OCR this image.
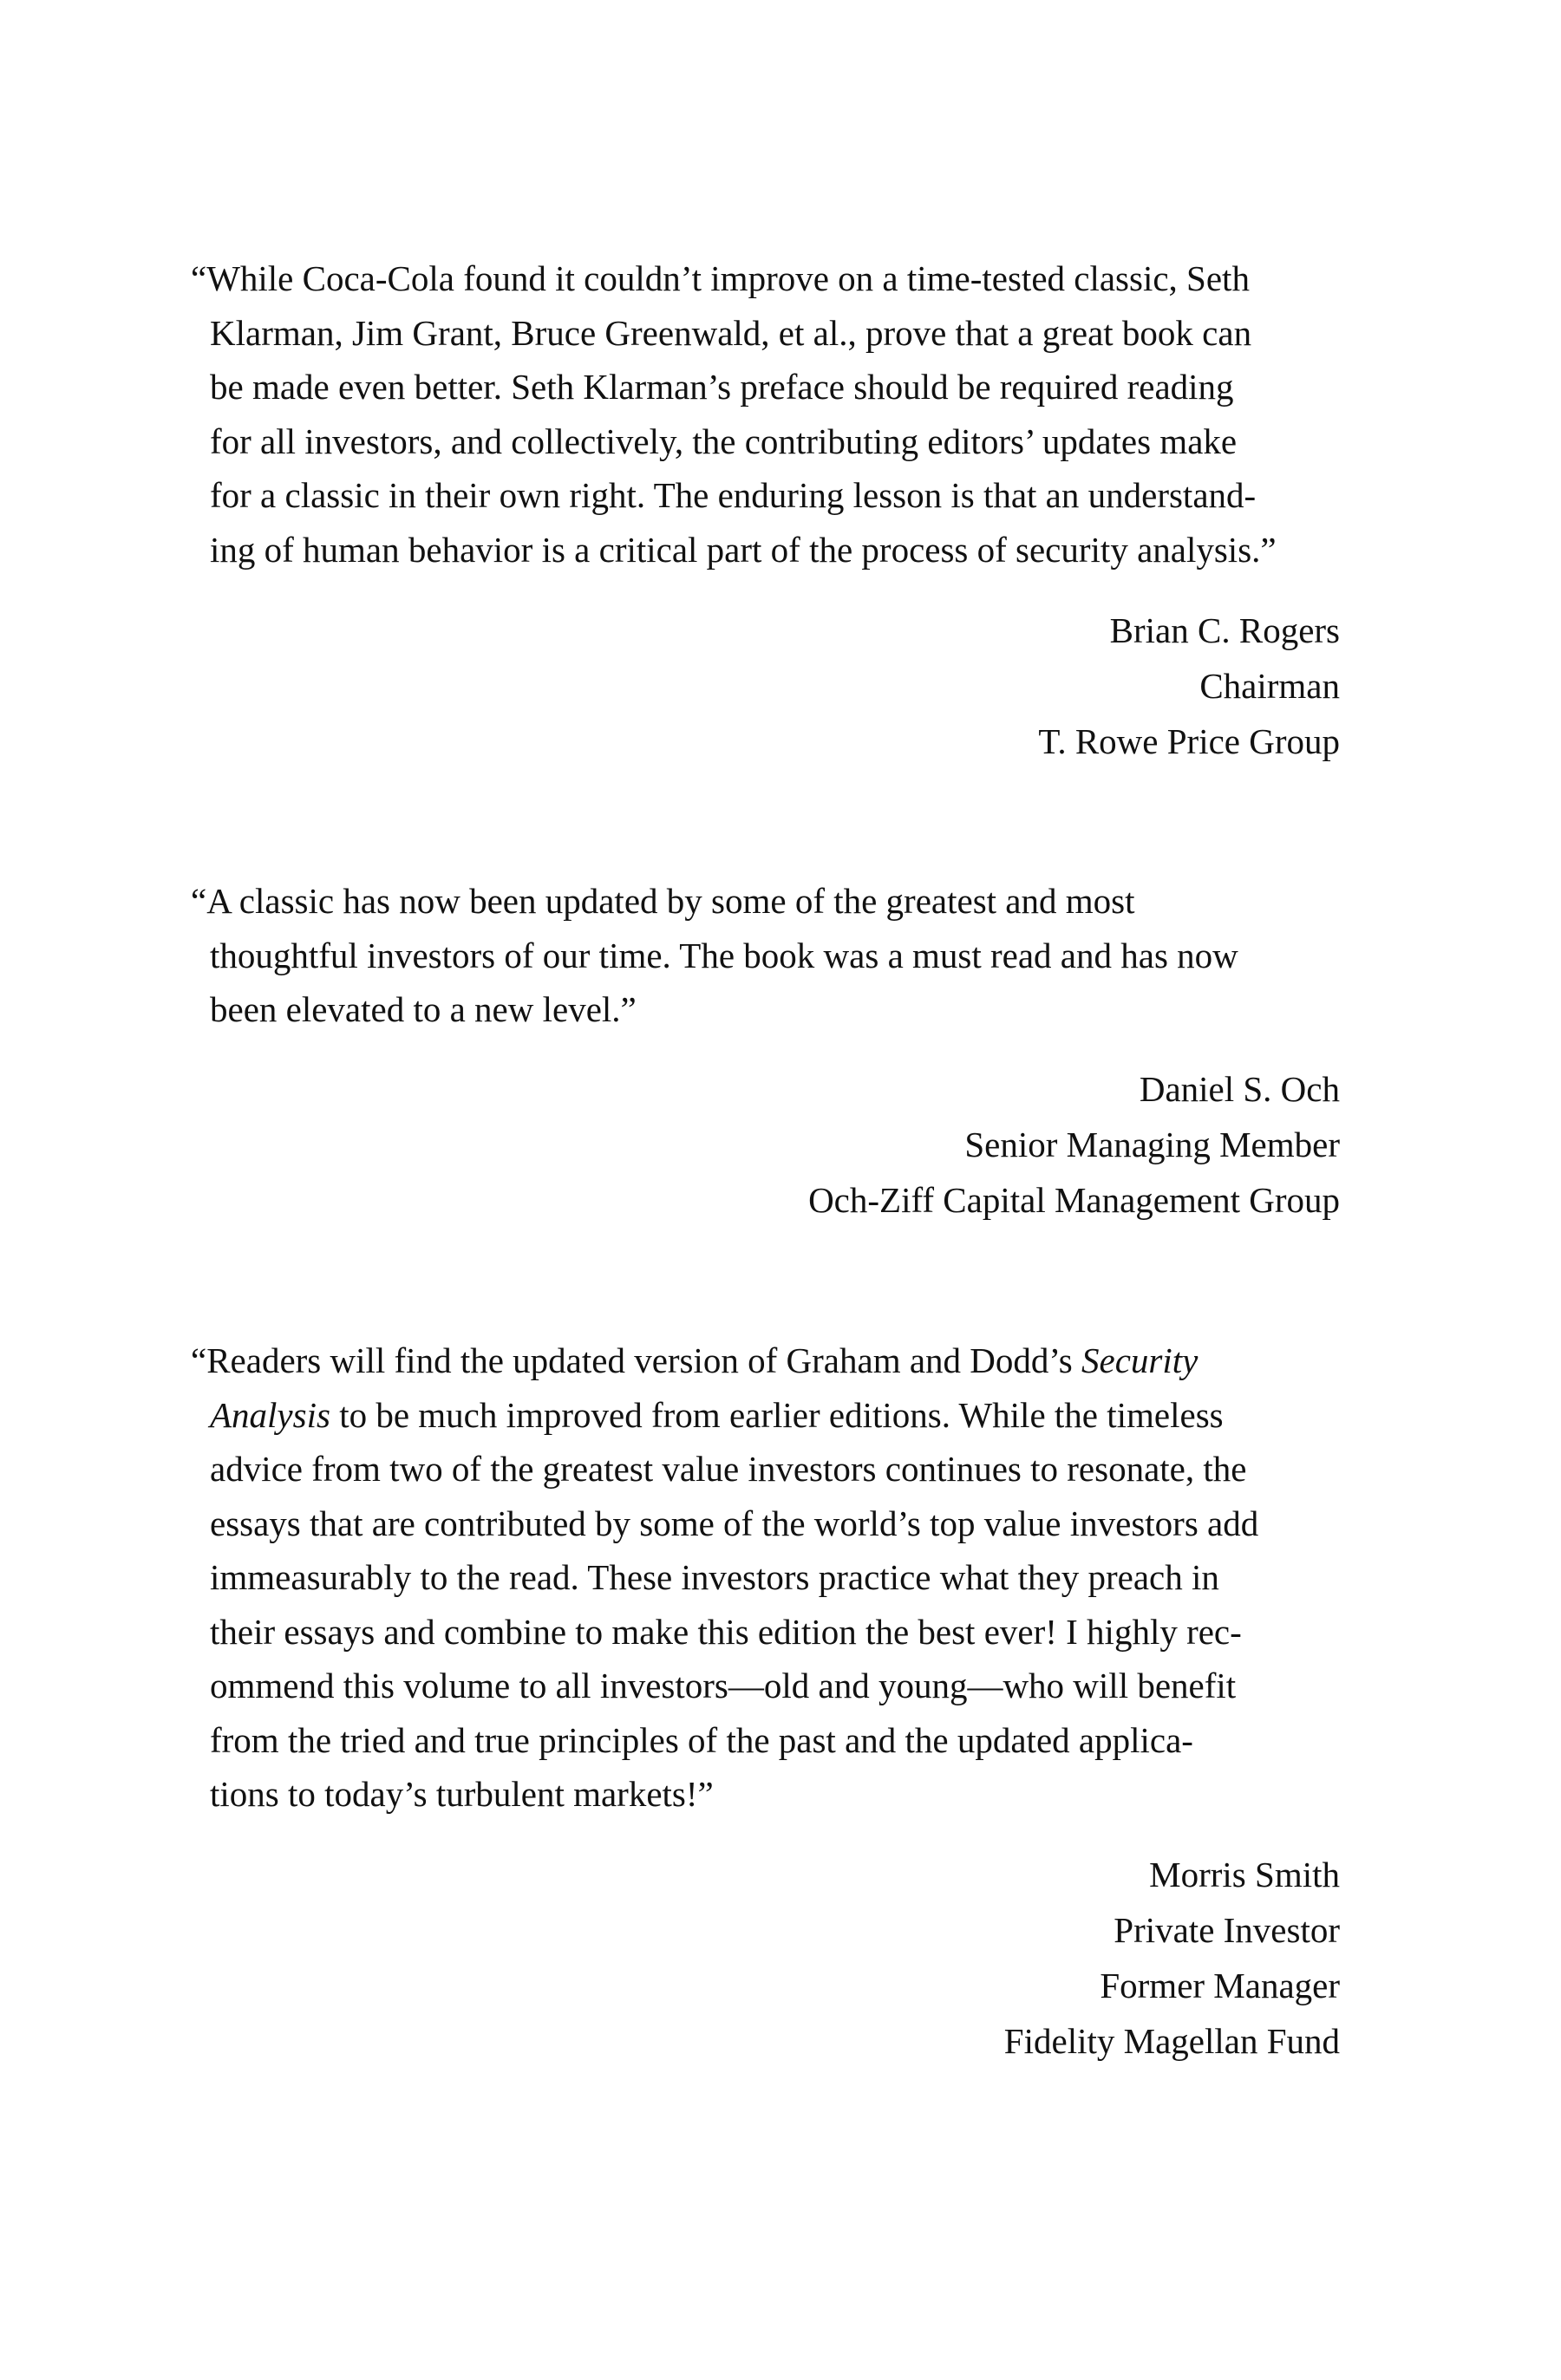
“While Coca-Cola found it couldn’t improve on a time-tested classic, Seth
Klarman, Jim Grant, Bruce Greenwald, et al., prove that a great book can
be made even better. Seth Klarman’s preface should be required reading
for all investors, and collectively, the contributing editors’ updates make
for a classic in their own right. The enduring lesson is that an understand-
ing of human behavior is a critical part of the process of security analysis.”
Brian C. Rogers
Chairman
T. Rowe Price Group
“A classic has now been updated by some of the greatest and most
thoughtful investors of our time. The book was a must read and has now
been elevated to a new level.”
Daniel S. Och
Senior Managing Member
Och-Ziff Capital Management Group
“Readers will find the updated version of Graham and Dodd’s Security
Analysis to be much improved from earlier editions. While the timeless
advice from two of the greatest value investors continues to resonate, the
essays that are contributed by some of the world’s top value investors add
immeasurably to the read. These investors practice what they preach in
their essays and combine to make this edition the best ever! I highly rec-
ommend this volume to all investors—old and young—who will benefit
from the tried and true principles of the past and the updated applica-
tions to today’s turbulent markets!”
Morris Smith
Private Investor
Former Manager
Fidelity Magellan Fund
